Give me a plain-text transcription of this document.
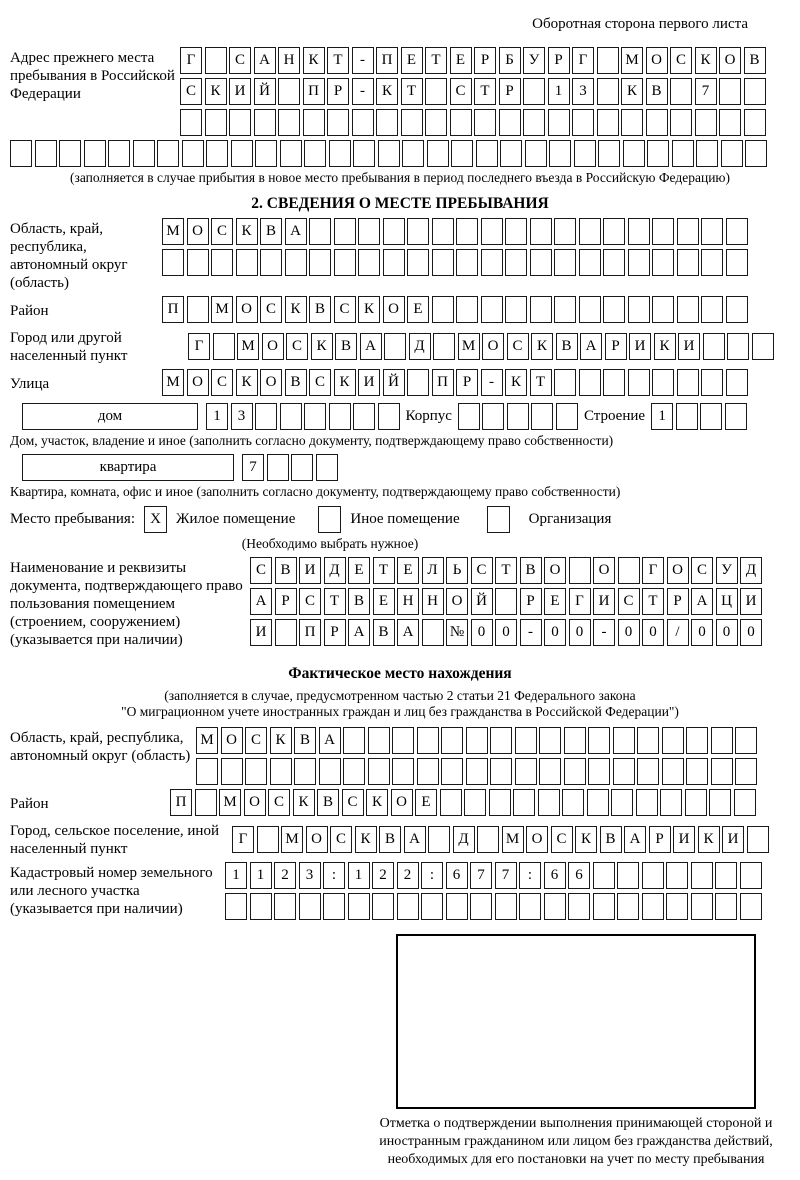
Оборотная сторона первого листа
Адрес прежнего места пребывания в Российской Федерации
Г	С А Н К Т	-	П Е	Т	Е	Р	Б У	Р	Г	М О С К О В
С К И Й	П Р	-	К Т	С Т	Р	1	3	К В	7
(заполняется в случае прибытия в новое место пребывания в период последнего въезда в Российскую Федерацию)
2. СВЕДЕНИЯ О МЕСТЕ ПРЕБЫВАНИЯ
Область, край, республика, автономный округ (область)
М О С К В А
Район	П	М О С К В С К О Е
Город или другой населенный пункт
Г	М О С К В А	Д	М О С К В А Р И К И
Улица	М О С К О В С К И Й	П Р	-	К Т
дом	1	3	Корпус	Строение 1
Дом, участок, владение и иное (заполнить согласно документу, подтверждающему право собственности)
квартира	7
Квартира, комната, офис и иное (заполнить согласно документу, подтверждающему право собственности)
Место пребывания:	X	Жилое помещение	Иное помещение	Организация
(Необходимо выбрать нужное)
Наименование и реквизиты документа, подтверждающего право пользования помещением (строением, сооружением) (указывается при наличии)
С В И Д Е	Т	Е Л	Ь	С Т В О	О	Г О С У Д
А Р	С Т В Е Н Н О Й	Р	Е	Г И С Т	Р А Ц И
И	П Р А В А	№ 0	0	-	0	0	-	0	0	/	0	0	0
Фактическое место нахождения
(заполняется в случае, предусмотренном частью 2 статьи 21 Федерального закона
"О миграционном учете иностранных граждан и лиц без гражданства в Российской Федерации")
Область, край, республика, автономный округ (область)
М О С К В А
Район	П	М О С К В С К О Е
Город, сельское поселение, иной населенный пункт
Г	М О С К В А	Д	М О С К В А Р И К И
Кадастровый номер земельного или лесного участка (указывается при наличии)
1	1	2	3	:	1	2	2	:	6	7	7	:	6	6
Отметка о подтверждении выполнения принимающей стороной и иностранным гражданином или лицом без гражданства действий, необходимых для его постановки на учет по месту пребывания
